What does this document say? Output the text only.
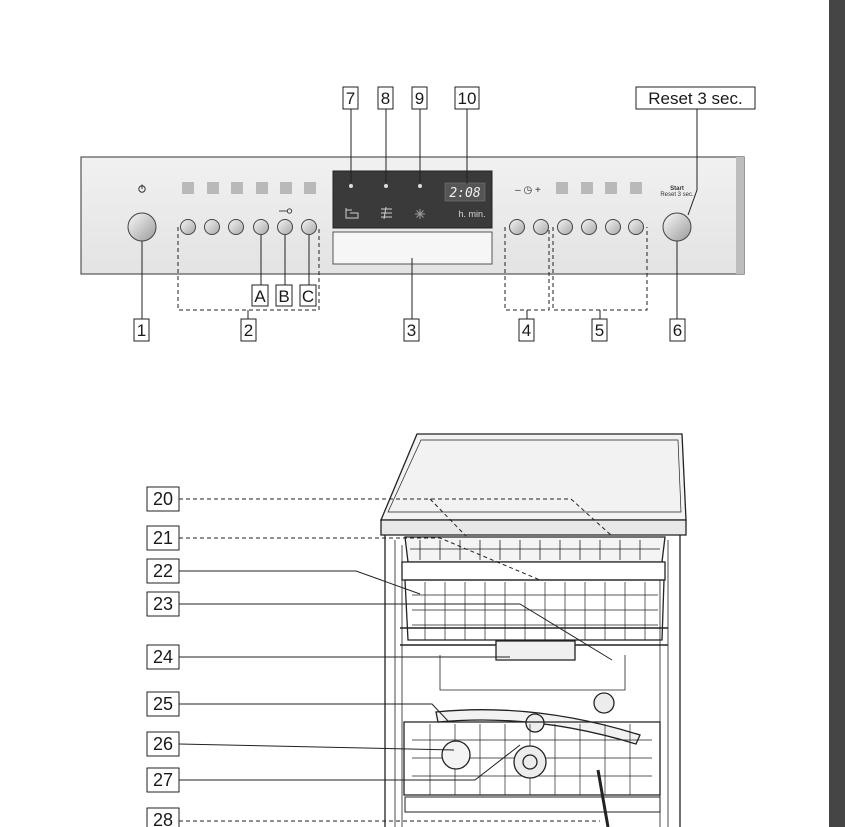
2:08
h. min.
– ◷ +	Start
Reset 3 sec.
7 8 9 10	Reset 3 sec.
1	2
A B C
3	4	5	6
20
21
22
23
24
25
26
27
28
